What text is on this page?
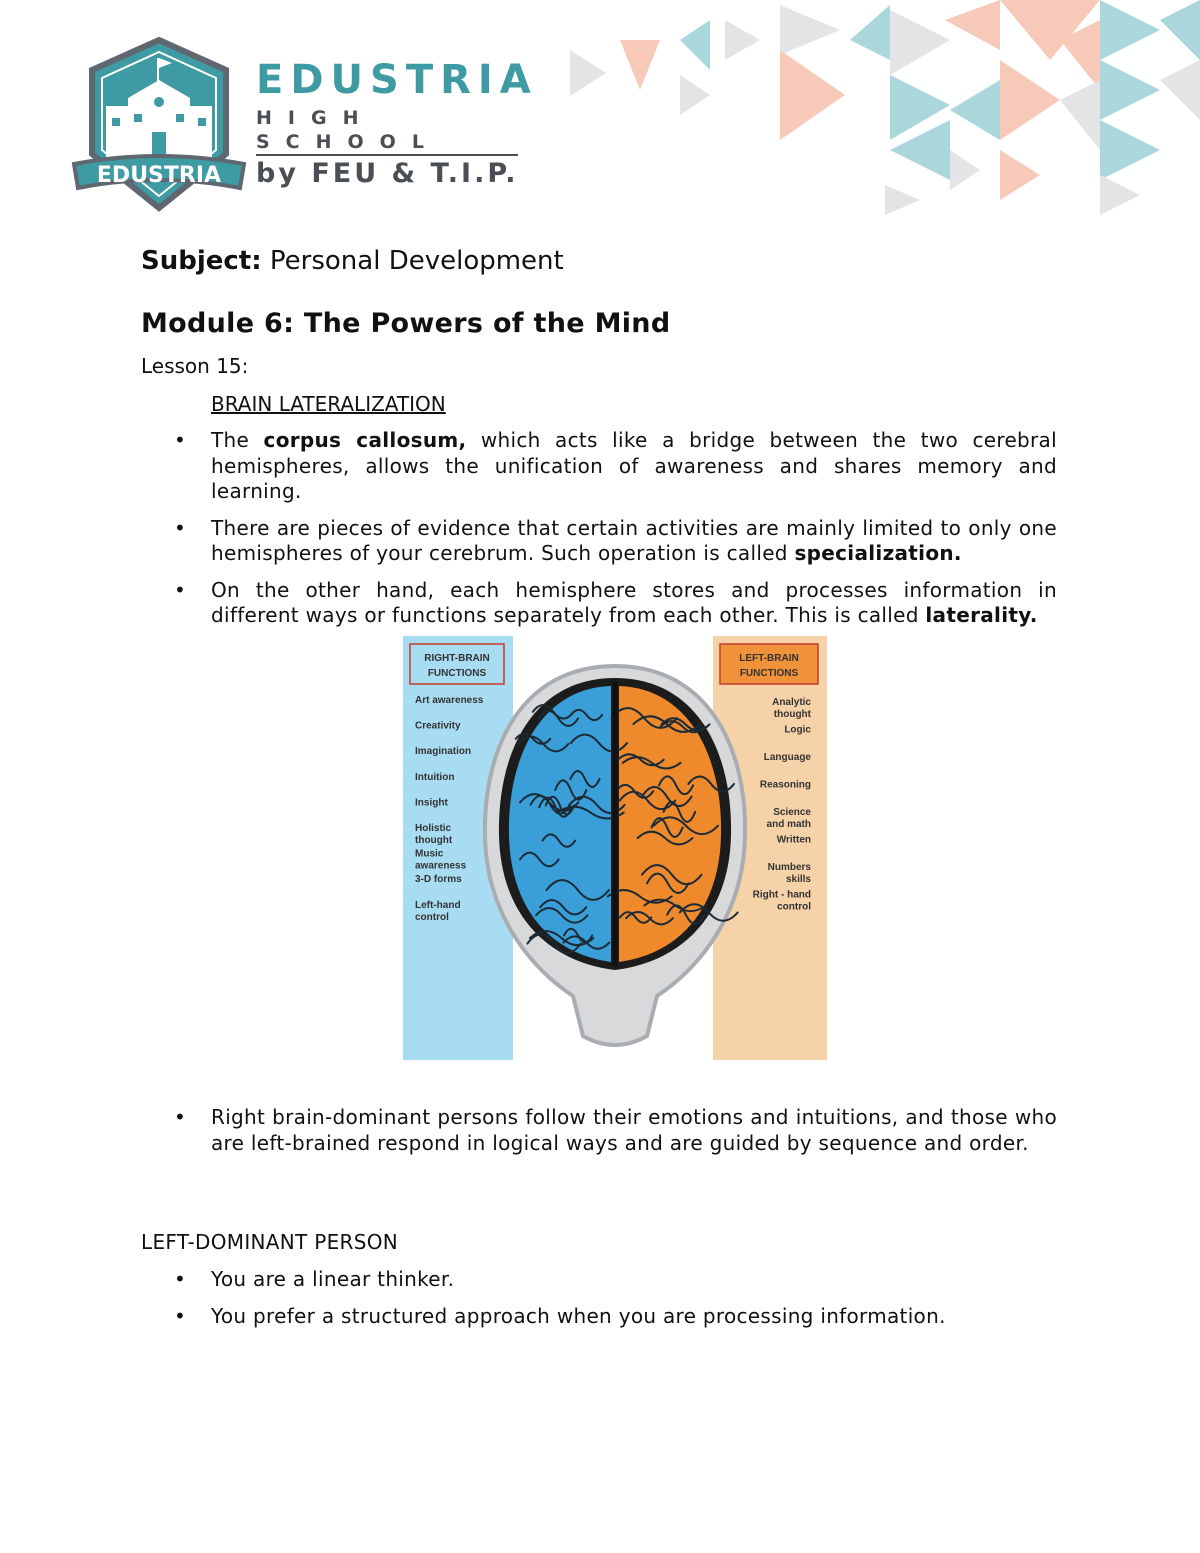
EDUSTRIA
EDUSTRIA
HIGH SCHOOL
by FEU & T.I.P.
Subject: Personal Development
Module 6: The Powers of the Mind
Lesson 15:
BRAIN LATERALIZATION
• The corpus callosum, which acts like a bridge between the two cerebral hemispheres, allows the unification of awareness and shares memory and learning.
• There are pieces of evidence that certain activities are mainly limited to only one hemispheres of your cerebrum. Such operation is called specialization.
• On the other hand, each hemisphere stores and processes information in different ways or functions separately from each other. This is called laterality.
RIGHT-BRAIN
FUNCTIONS
LEFT-BRAIN
FUNCTIONS
Art awareness
Creativity
Imagination
Intuition
Insight
Holistic
thought
Music
awareness
3-D forms
Left-hand
control
Analytic
thought
Logic
Language
Reasoning
Science
and math
Written
Numbers
skills
Right - hand
control
• Right brain-dominant persons follow their emotions and intuitions, and those who are left-brained respond in logical ways and are guided by sequence and order.
LEFT-DOMINANT PERSON
• You are a linear thinker.
• You prefer a structured approach when you are processing information.
